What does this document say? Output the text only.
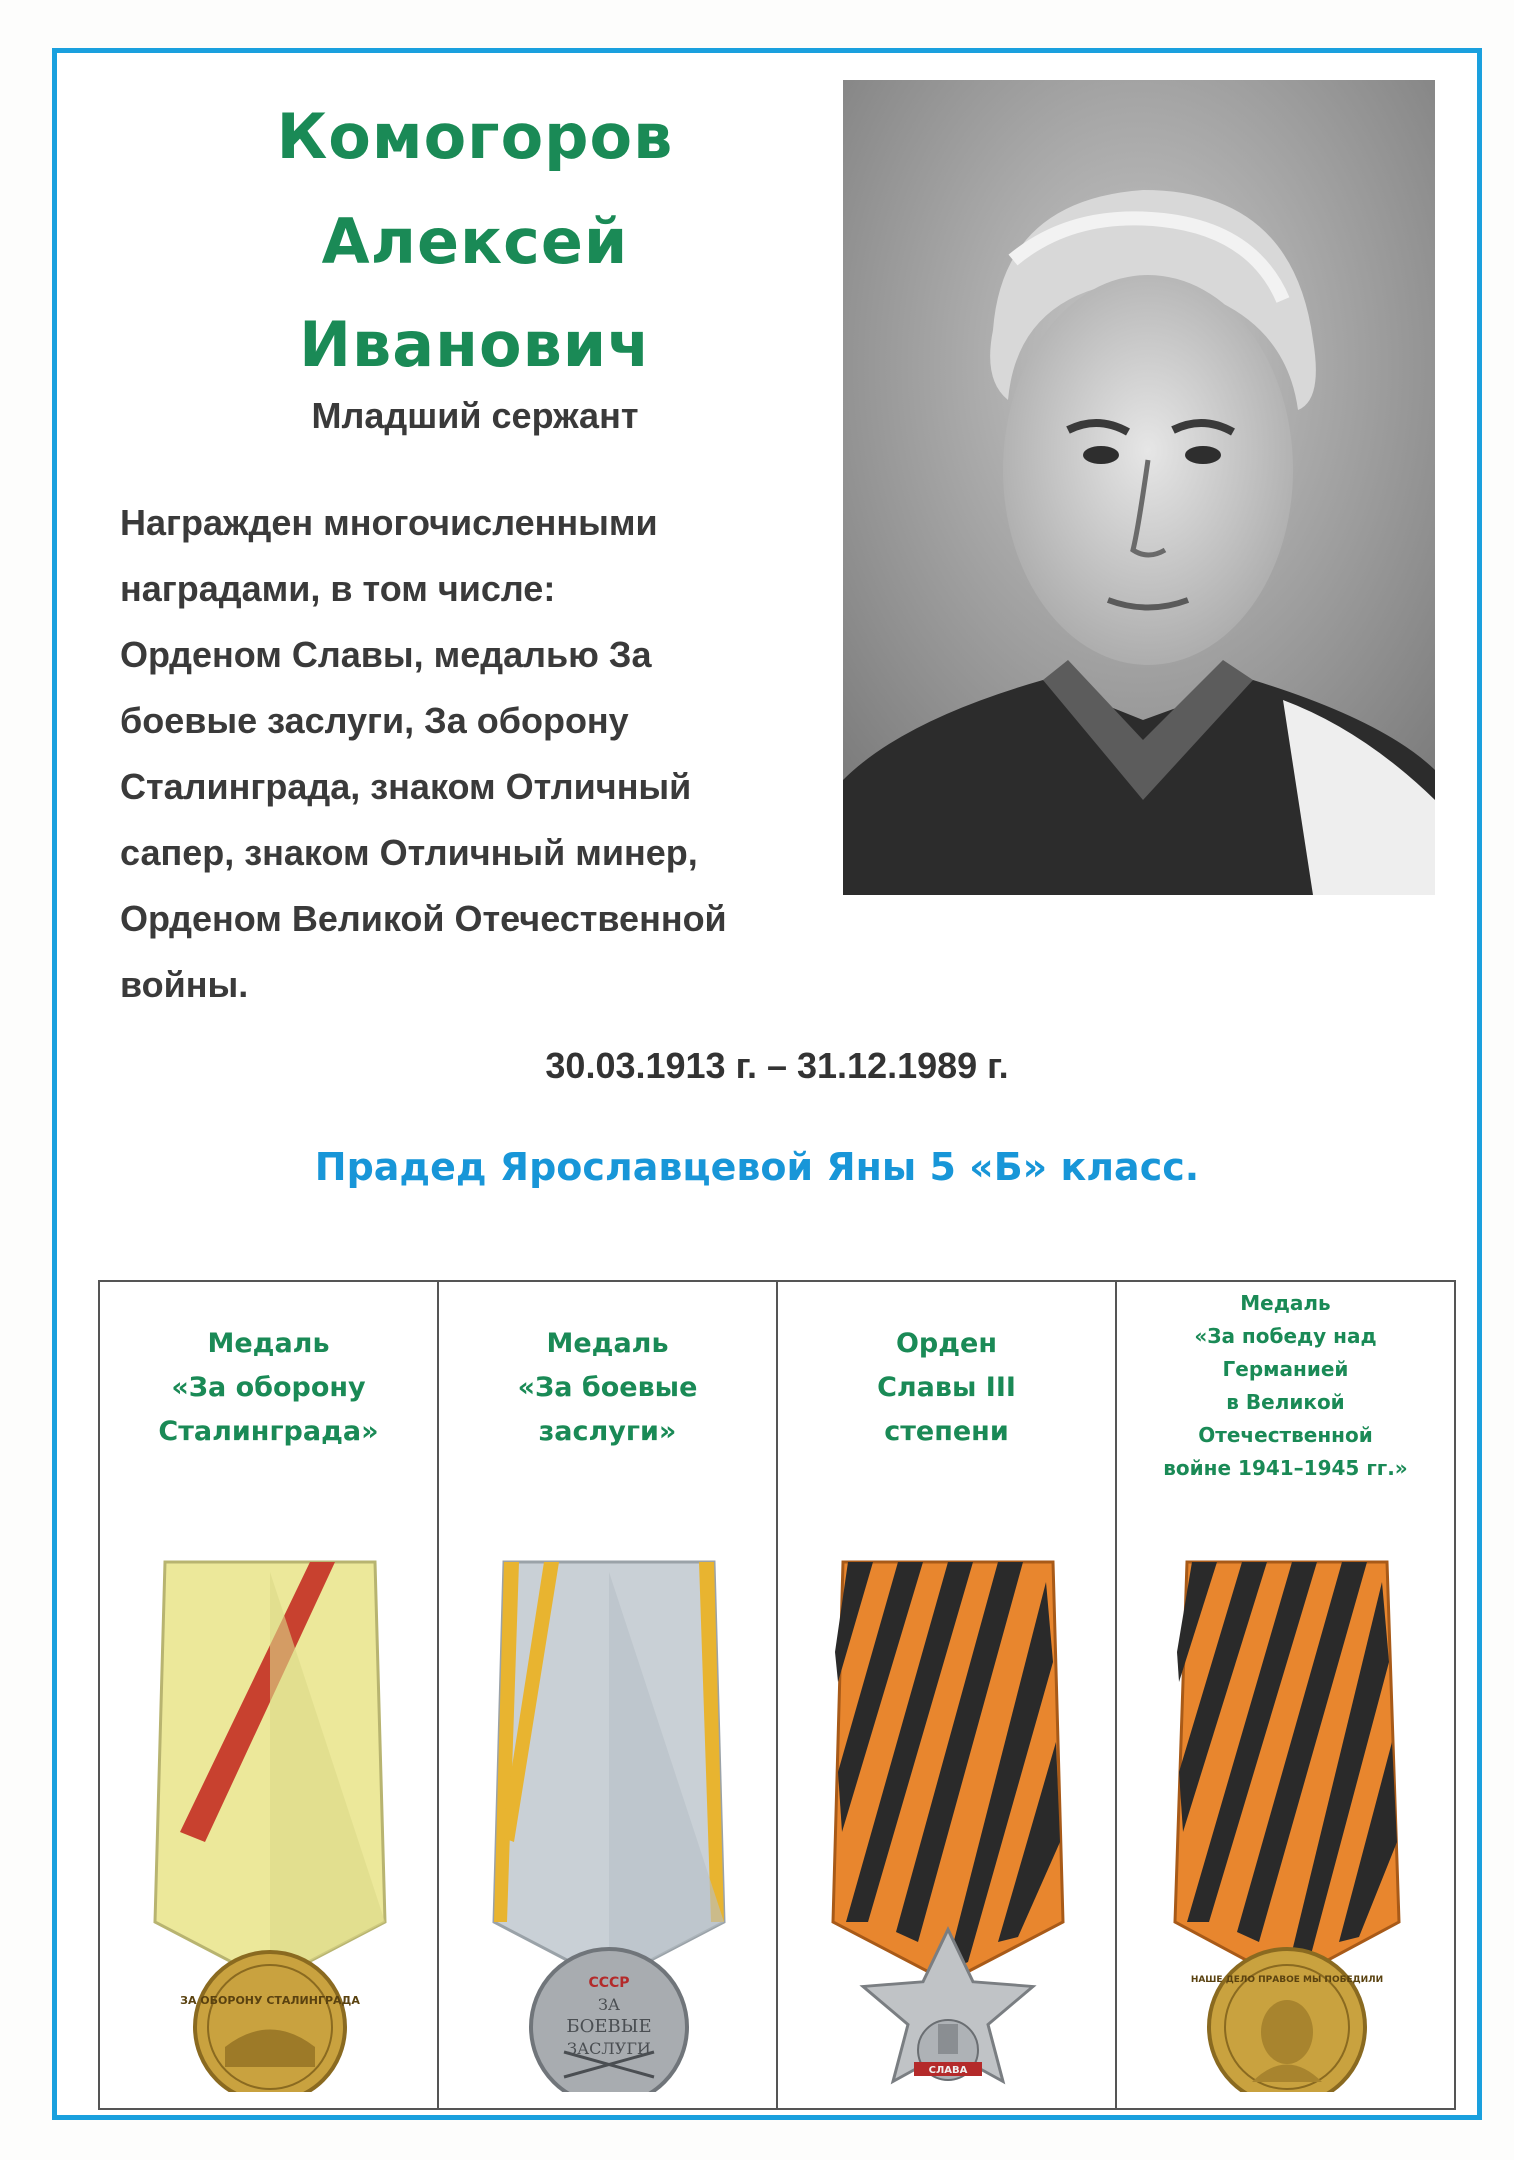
Комогоров
Алексей
Иванович
Младший сержант
Награжден многочисленными
наградами, в том числе:
Орденом Славы, медалью За
боевые заслуги, За оборону
Сталинграда, знаком Отличный
сапер, знаком Отличный минер,
Орденом Великой Отечественной
войны.
30.03.1913 г. – 31.12.1989 г.
Прадед Ярославцевой Яны 5 «Б» класс.
Медаль
«За оборону
Сталинграда»
ЗА ОБОРОНУ СТАЛИНГРАДА
Медаль
«За боевые
заслуги»
СССР
ЗА
БОЕВЫЕ
ЗАСЛУГИ
Орден
Славы III
степени
СЛАВА
Медаль
«За победу над
Германией
в Великой
Отечественной
войне 1941–1945 гг.»
НАШЕ ДЕЛО ПРАВОЕ МЫ ПОБЕДИЛИ
